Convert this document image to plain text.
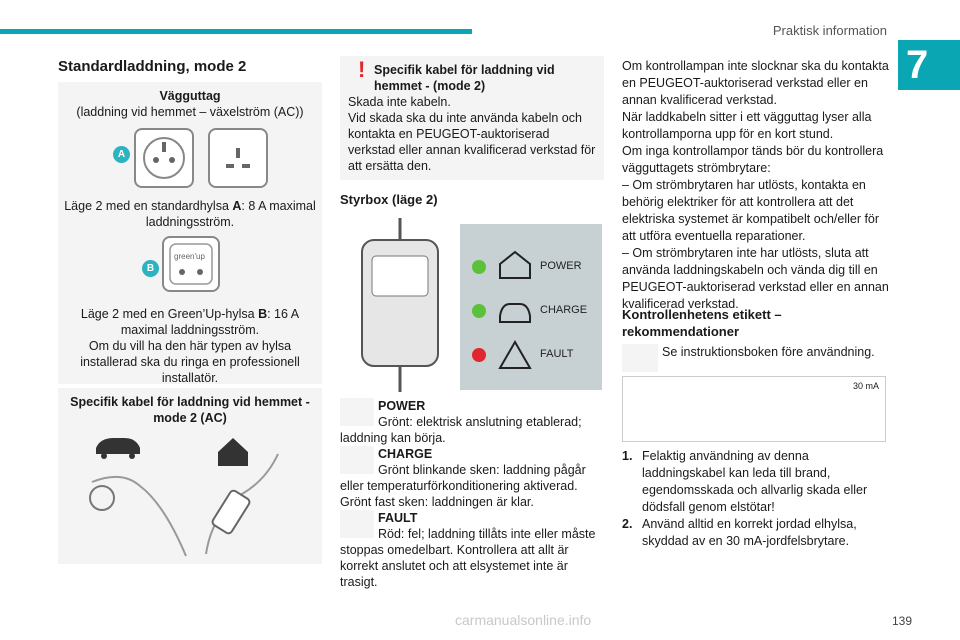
Praktisk information
7
Standardladdning, mode 2
Vägguttag
(laddning vid hemmet – växelström (AC))
A
Läge 2 med en standardhylsa A: 8 A maximal laddningsström.
B
green'up
Läge 2 med en Green’Up-hylsa B: 16 A maximal laddningsström.
Om du vill ha den här typen av hylsa installerad ska du ringa en professionell installatör.
Specifik kabel för laddning vid hemmet - mode 2 (AC)
! Specifik kabel för laddning vid hemmet - (mode 2)
Skada inte kabeln.
Vid skada ska du inte använda kabeln och kontakta en PEUGEOT-auktoriserad verkstad eller annan kvalificerad verkstad för att ersätta den.
Styrbox (läge 2)
POWER
CHARGE
FAULT
POWER
Grönt: elektrisk anslutning etablerad; laddning kan börja.
CHARGE
Grönt blinkande sken: laddning pågår eller temperaturförkonditionering aktiverad. Grönt fast sken: laddningen är klar.
FAULT
Röd: fel; laddning tillåts inte eller måste stoppas omedelbart. Kontrollera att allt är korrekt anslutet och att elsystemet inte är trasigt.
Om kontrollampan inte slocknar ska du kontakta en PEUGEOT-auktoriserad verkstad eller en annan kvalificerad verkstad.
När laddkabeln sitter i ett vägguttag lyser alla kontrollamporna upp för en kort stund.
Om inga kontrollampor tänds bör du kontrollera vägguttagets strömbrytare:
– Om strömbrytaren har utlösts, kontakta en behörig elektriker för att kontrollera att det elektriska systemet är kompatibelt och/eller för att utföra eventuella reparationer.
– Om strömbrytaren inte har utlösts, sluta att använda laddningskabeln och vända dig till en PEUGEOT-auktoriserad verkstad eller en annan kvalificerad verkstad.
Kontrollenhetens etikett – rekommendationer
Se instruktionsboken före användning.
30 mA
1. Felaktig användning av denna laddningskabel kan leda till brand, egendomsskada och allvarlig skada eller dödsfall genom elstötar!
2. Använd alltid en korrekt jordad elhylsa, skyddad av en 30 mA-jordfelsbrytare.
carmanualsonline.info	139
